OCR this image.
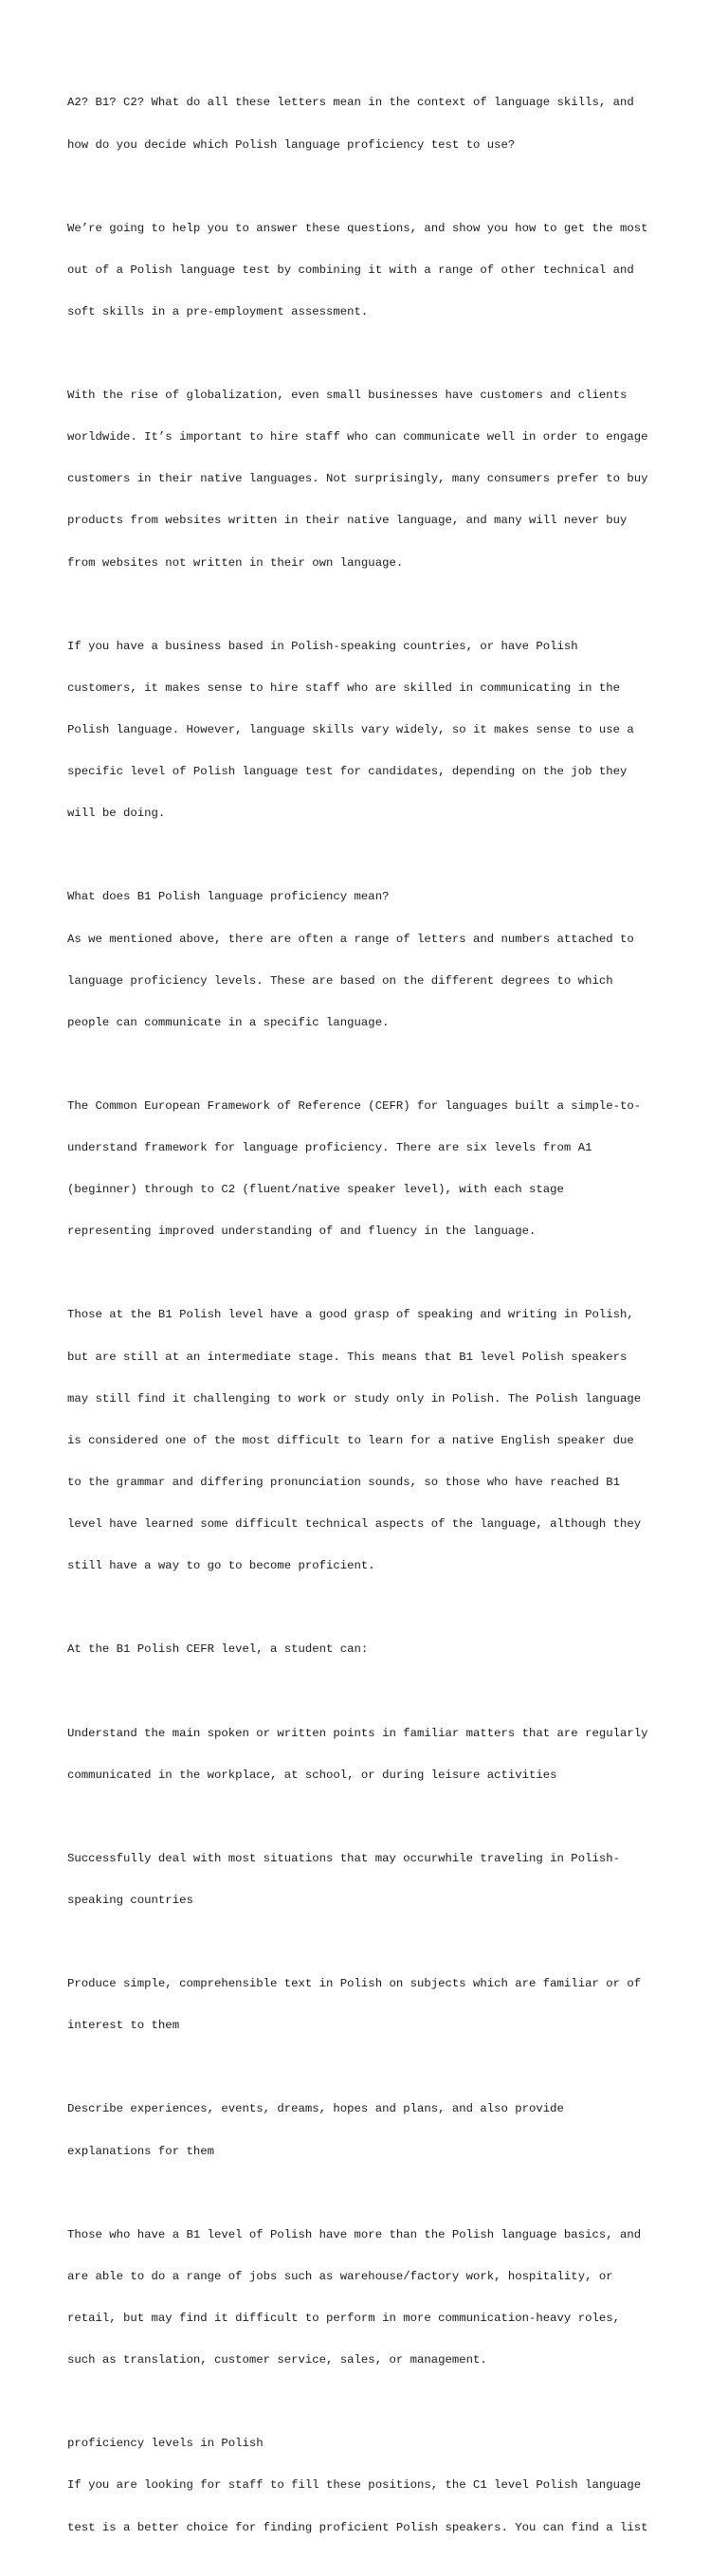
A2? B1? C2? What do all these letters mean in the context of language skills, and

how do you decide which Polish language proficiency test to use?

We’re going to help you to answer these questions, and show you how to get the most

out of a Polish language test by combining it with a range of other technical and

soft skills in a pre-employment assessment.

With the rise of globalization, even small businesses have customers and clients

worldwide. It’s important to hire staff who can communicate well in order to engage

customers in their native languages. Not surprisingly, many consumers prefer to buy

products from websites written in their native language, and many will never buy

from websites not written in their own language.

If you have a business based in Polish-speaking countries, or have Polish

customers, it makes sense to hire staff who are skilled in communicating in the

Polish language. However, language skills vary widely, so it makes sense to use a

specific level of Polish language test for candidates, depending on the job they

will be doing.

What does B1 Polish language proficiency mean?

As we mentioned above, there are often a range of letters and numbers attached to

language proficiency levels. These are based on the different degrees to which

people can communicate in a specific language.

The Common European Framework of Reference (CEFR) for languages built a simple-to-

understand framework for language proficiency. There are six levels from A1

(beginner) through to C2 (fluent/native speaker level), with each stage

representing improved understanding of and fluency in the language.

Those at the B1 Polish level have a good grasp of speaking and writing in Polish,

but are still at an intermediate stage. This means that B1 level Polish speakers

may still find it challenging to work or study only in Polish. The Polish language

is considered one of the most difficult to learn for a native English speaker due

to the grammar and differing pronunciation sounds, so those who have reached B1

level have learned some difficult technical aspects of the language, although they

still have a way to go to become proficient.

At the B1 Polish CEFR level, a student can:

Understand the main spoken or written points in familiar matters that are regularly

communicated in the workplace, at school, or during leisure activities

Successfully deal with most situations that may occurwhile traveling in Polish-

speaking countries

Produce simple, comprehensible text in Polish on subjects which are familiar or of

interest to them

Describe experiences, events, dreams, hopes and plans, and also provide

explanations for them

Those who have a B1 level of Polish have more than the Polish language basics, and

are able to do a range of jobs such as warehouse/factory work, hospitality, or

retail, but may find it difficult to perform in more communication-heavy roles,

such as translation, customer service, sales, or management.

proficiency levels in Polish

If you are looking for staff to fill these positions, the C1 level Polish language

test is a better choice for finding proficient Polish speakers. You can find a list
